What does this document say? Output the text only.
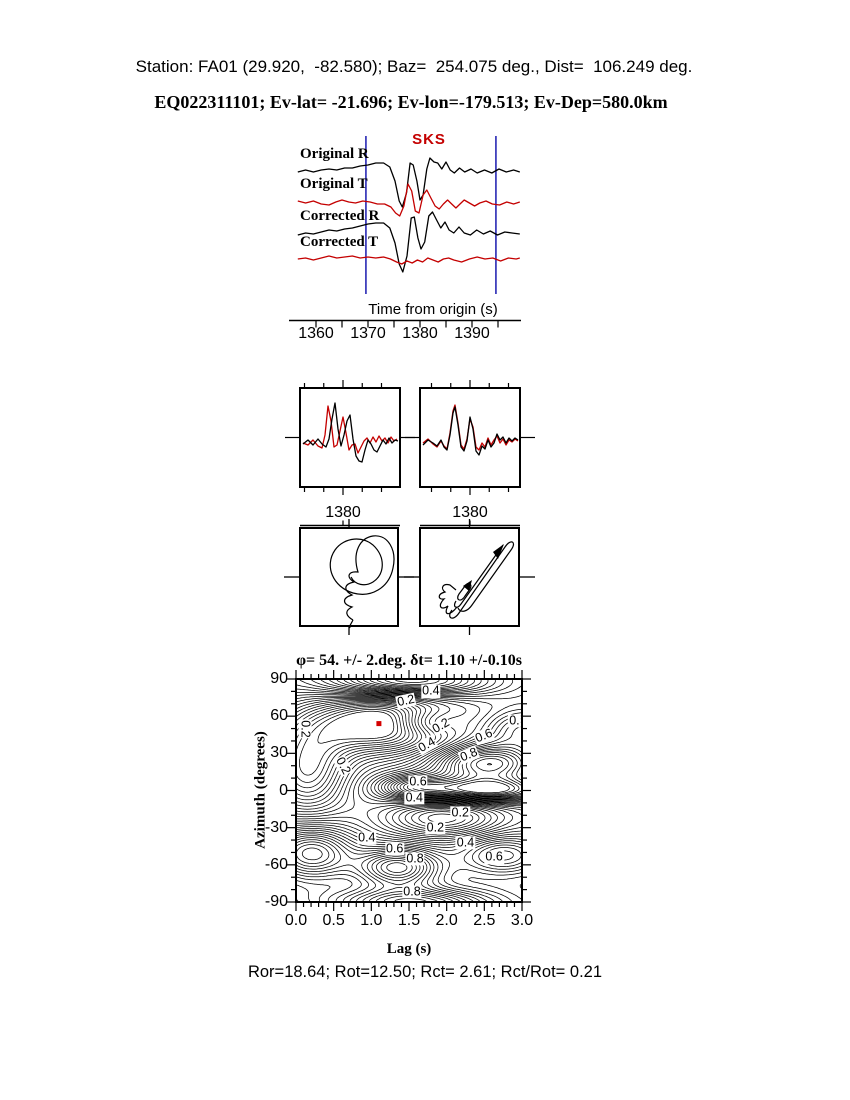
Station: FA01 (29.920,  -82.580); Baz=  254.075 deg., Dist=  106.249 deg.
EQ022311101; Ev-lat= -21.696; Ev-lon=-179.513; Ev-Dep=580.0km
SKS
Original R
Original T
Corrected R
Corrected T
Time from origin (s)
1380	1380
φ= 54. +/- 2.deg. δt= 1.10 +/-0.10s
Azimuth (degrees)
Lag (s)
Ror=18.64; Rot=12.50; Rct= 2.61; Rct/Rot= 0.21
1360 1370 1380 1390
0.0 0.5 1.0 1.5 2.0 2.5 3.0
90
60
30
0
-30
-60
-90
0.2
0.4
0.2
0.2
0.2
0.4	0.6
0.8
0.
0.6
0.4
0.2
0.2
0.4
0.6	0.4
0.8	0.6
0.8
